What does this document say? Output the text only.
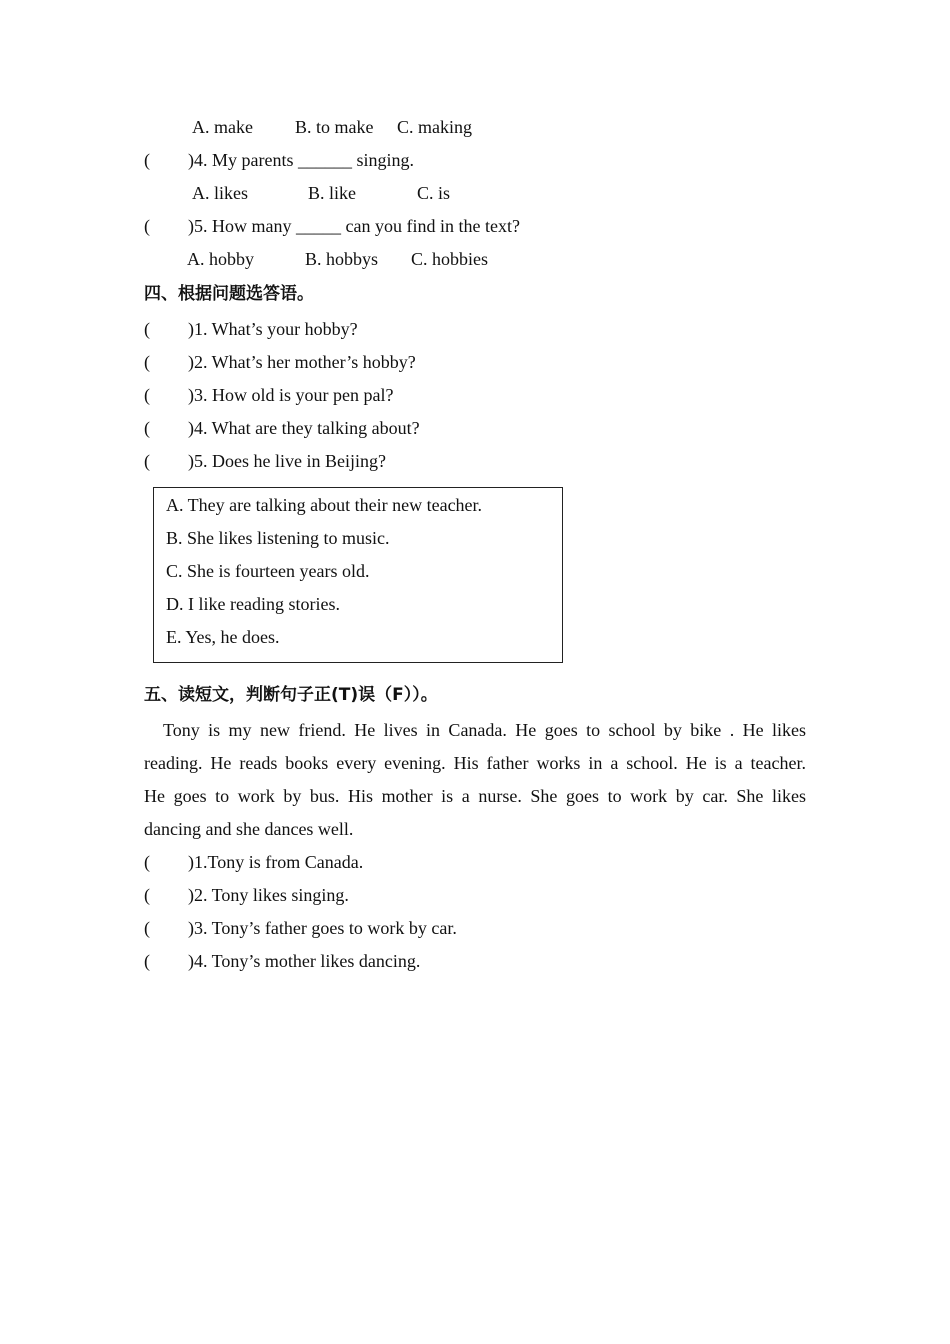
A. make B. to make C. making
( )4. My parents ______ singing.
A. likes	B. like	C. is
( )5. How many _____ can you find in the text?
A. hobby	B. hobbys C. hobbies
四、根据问题选答语。
( )1. What’s your hobby?
( )2. What’s her mother’s hobby?
( )3. How old is your pen pal?
( )4. What are they talking about?
( )5. Does he live in Beijing?
A. They are talking about their new teacher.
B. She likes listening to music.
C. She is fourteen years old.
D. I like reading stories.
E. Yes, he does.
五、读短文，判断句子正(T)误（F））。
Tony is my new friend. He lives in Canada. He goes to school by bike . He likes
reading. He reads books every evening. His father works in a school. He is a teacher.
He goes to work by bus. His mother is a nurse. She goes to work by car. She likes
dancing and she dances well.
( )1.Tony is from Canada.
( )2. Tony likes singing.
( )3. Tony’s father goes to work by car.
( )4. Tony’s mother likes dancing.
